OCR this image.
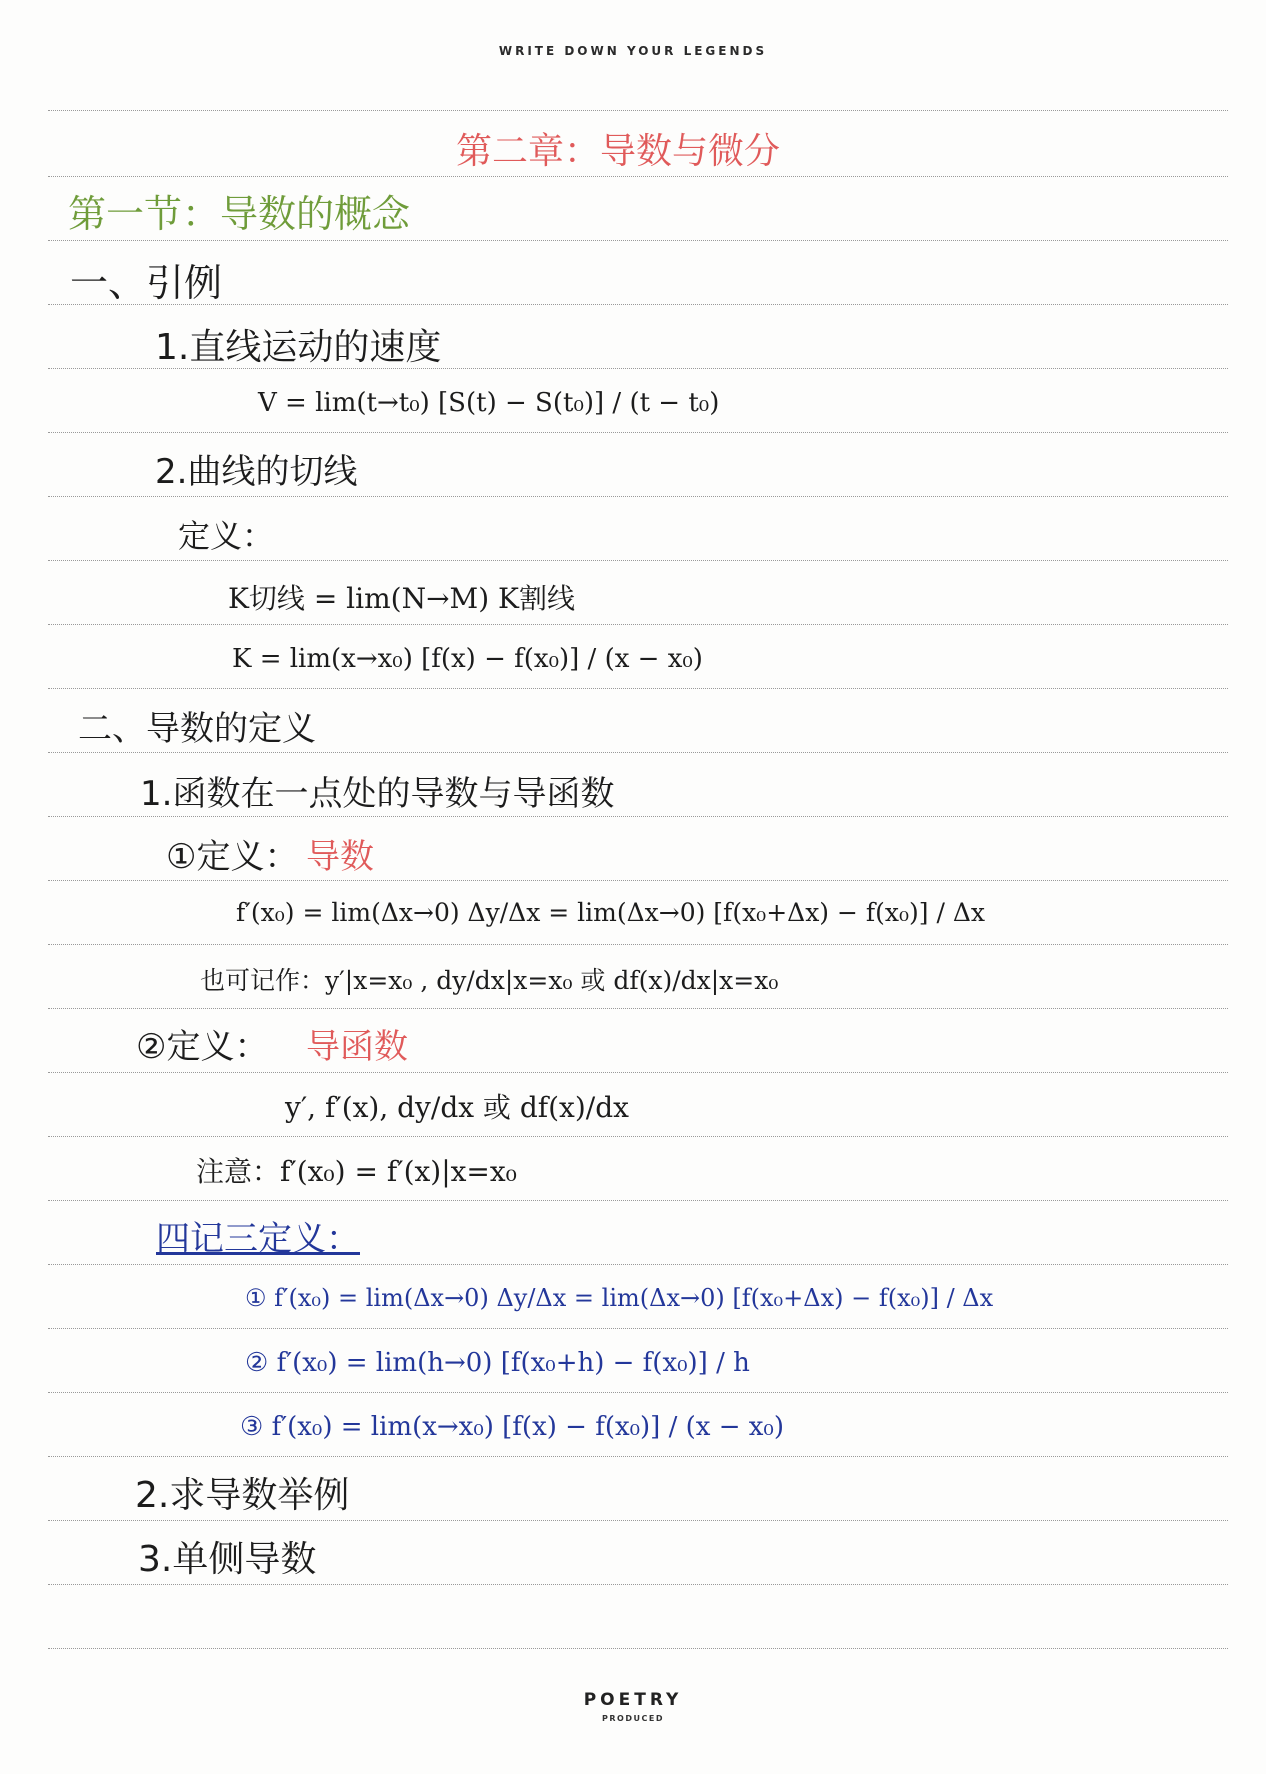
WRITE DOWN YOUR LEGENDS
第二章：导数与微分
第一节：导数的概念
一、引例
1.直线运动的速度
V = lim(t→t₀) [S(t) − S(t₀)] / (t − t₀)
2.曲线的切线
定义：
K切线 = lim(N→M) K割线
K = lim(x→x₀) [f(x) − f(x₀)] / (x − x₀)
二、导数的定义
1.函数在一点处的导数与导函数
①定义： 导数
f′(x₀) = lim(Δx→0) Δy/Δx = lim(Δx→0) [f(x₀+Δx) − f(x₀)] / Δx
也可记作：y′|x=x₀ , dy/dx|x=x₀ 或 df(x)/dx|x=x₀
②定义： 导函数
y′, f′(x), dy/dx 或 df(x)/dx
注意：f′(x₀) = f′(x)|x=x₀
四记三定义：
① f′(x₀) = lim(Δx→0) Δy/Δx = lim(Δx→0) [f(x₀+Δx) − f(x₀)] / Δx
② f′(x₀) = lim(h→0) [f(x₀+h) − f(x₀)] / h
③ f′(x₀) = lim(x→x₀) [f(x) − f(x₀)] / (x − x₀)
2.求导数举例
3.单侧导数
POETRY
PRODUCED
